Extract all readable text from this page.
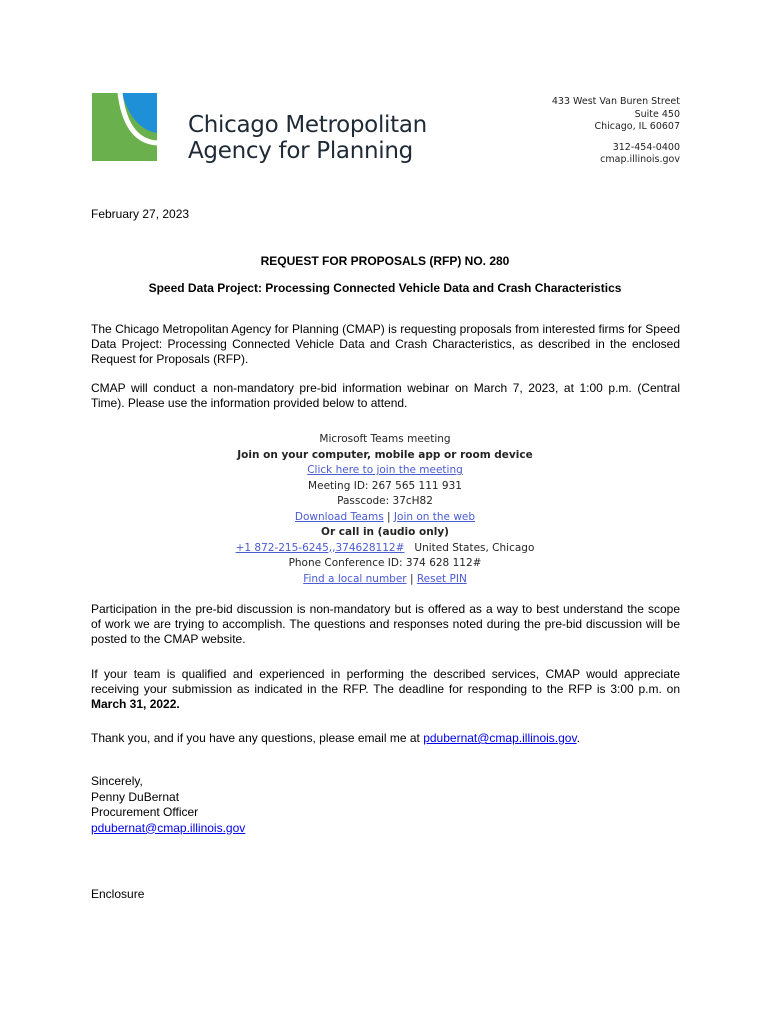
Chicago Metropolitan
Agency for Planning
433 West Van Buren Street
Suite 450
Chicago, IL 60607
312-454-0400
cmap.illinois.gov
February 27, 2023
REQUEST FOR PROPOSALS (RFP) NO. 280
Speed Data Project: Processing Connected Vehicle Data and Crash Characteristics
The Chicago Metropolitan Agency for Planning (CMAP) is requesting proposals from interested firms for Speed Data Project: Processing Connected Vehicle Data and Crash Characteristics, as described in the enclosed Request for Proposals (RFP).
CMAP will conduct a non-mandatory pre-bid information webinar on March 7, 2023, at 1:00 p.m. (Central Time). Please use the information provided below to attend.
Microsoft Teams meeting
Join on your computer, mobile app or room device
Click here to join the meeting
Meeting ID: 267 565 111 931
Passcode: 37cH82
Download Teams | Join on the web
Or call in (audio only)
+1 872-215-6245,,374628112# United States, Chicago
Phone Conference ID: 374 628 112#
Find a local number | Reset PIN
Participation in the pre-bid discussion is non-mandatory but is offered as a way to best understand the scope of work we are trying to accomplish. The questions and responses noted during the pre-bid discussion will be posted to the CMAP website.
If your team is qualified and experienced in performing the described services, CMAP would appreciate receiving your submission as indicated in the RFP. The deadline for responding to the RFP is 3:00 p.m. on March 31, 2022.
Thank you, and if you have any questions, please email me at pdubernat@cmap.illinois.gov.
Sincerely,
Penny DuBernat
Procurement Officer
pdubernat@cmap.illinois.gov
Enclosure
